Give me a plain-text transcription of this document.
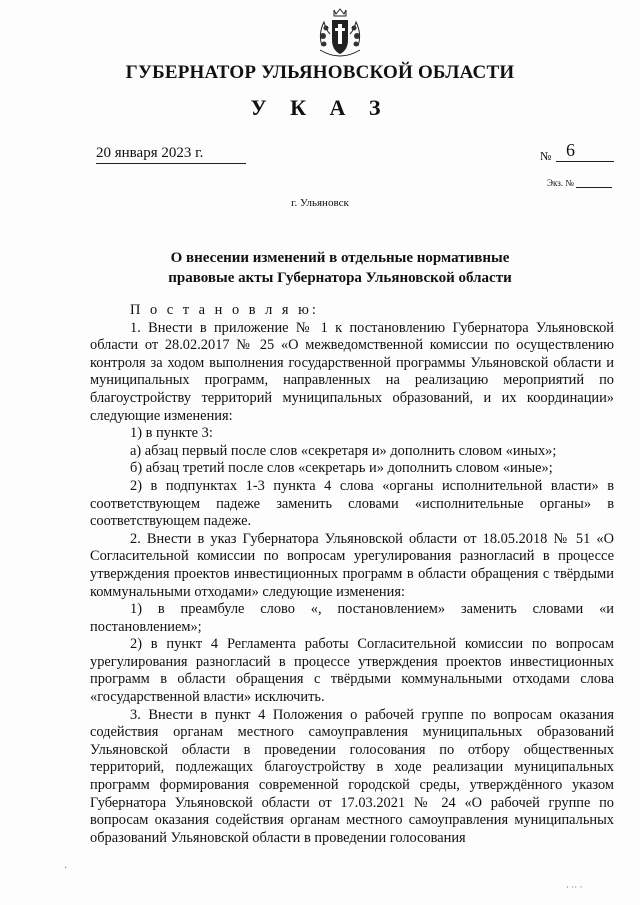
ГУБЕРНАТОР УЛЬЯНОВСКОЙ ОБЛАСТИ
У К А З
20 января 2023 г.	№ 6
Экз. №
г. Ульяновск
О внесении изменений в отдельные нормативные
правовые акты Губернатора Ульяновской области

П о с т а н о в л я ю:

1. Внести в приложение № 1 к постановлению Губернатора Ульяновской области от 28.02.2017 № 25 «О межведомственной комиссии по осуществлению контроля за ходом выполнения государственной программы Ульяновской области и муниципальных программ, направленных на реализацию мероприятий по благоустройству территорий муниципальных образований, и их координации» следующие изменения:

1) в пункте 3:

а) абзац первый после слов «секретаря и» дополнить словом «иных»;

б) абзац третий после слов «секретарь и» дополнить словом «иные»;

2) в подпунктах 1-3 пункта 4 слова «органы исполнительной власти» в соответствующем падеже заменить словами «исполнительные органы» в соответствующем падеже.

2. Внести в указ Губернатора Ульяновской области от 18.05.2018 № 51 «О Согласительной комиссии по вопросам урегулирования разногласий в процессе утверждения проектов инвестиционных программ в области обращения с твёрдыми коммунальными отходами» следующие изменения:

1) в преамбуле слово «, постановлением» заменить словами «и постановлением»;

2) в пункт 4 Регламента работы Согласительной комиссии по вопросам урегулирования разногласий в процессе утверждения проектов инвестиционных программ в области обращения с твёрдыми коммунальными отходами слова «государственной власти» исключить.

3. Внести в пункт 4 Положения о рабочей группе по вопросам оказания содействия органам местного самоуправления муниципальных образований Ульяновской области в проведении голосования по отбору общественных территорий, подлежащих благоустройству в ходе реализации муниципальных программ формирования современной городской среды, утверждённого указом Губернатора Ульяновской области от 17.03.2021 № 24 «О рабочей группе по вопросам оказания содействия органам местного самоуправления муниципальных образований Ульяновской области в проведении голосования

·
· ·· ·
